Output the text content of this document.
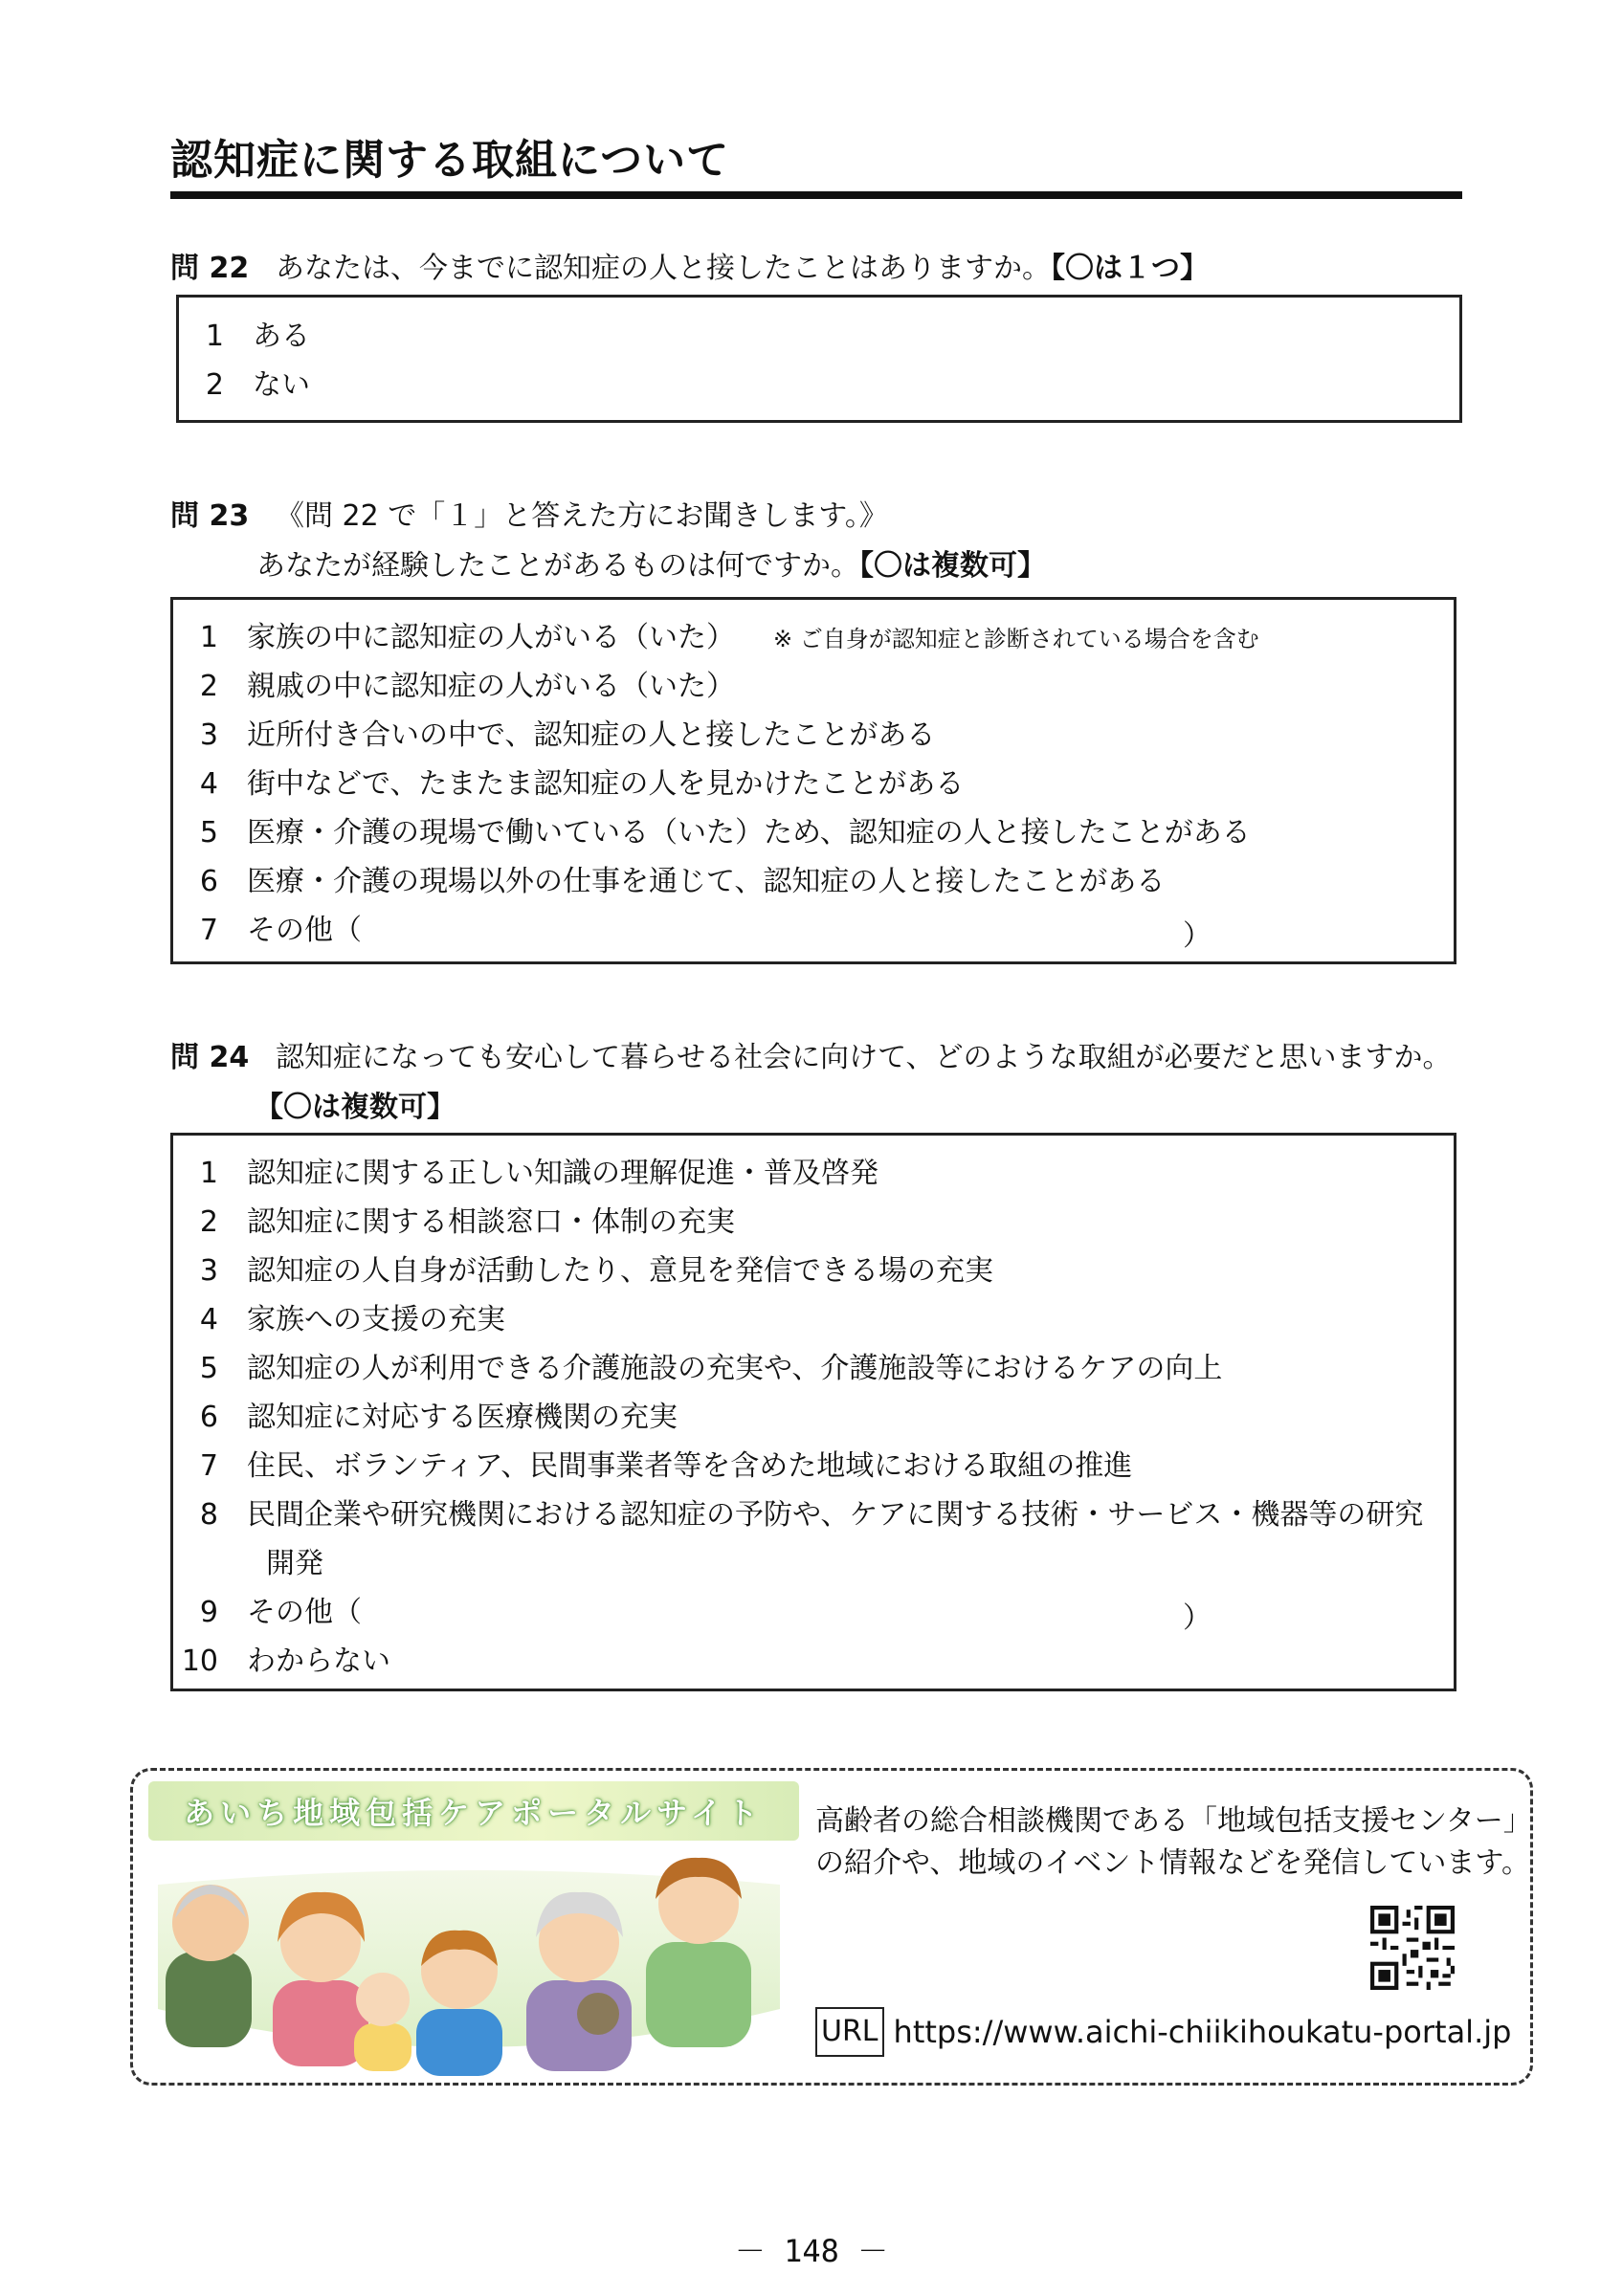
認知症に関する取組について
問 22 あなたは、今までに認知症の人と接したことはありますか。【〇は１つ】
1 ある
2 ない
問 23 《問 22 で「１」と答えた方にお聞きします。》
あなたが経験したことがあるものは何ですか。【〇は複数可】
1 家族の中に認知症の人がいる（いた） ※ ご自身が認知症と診断されている場合を含む
2 親戚の中に認知症の人がいる（いた）
3 近所付き合いの中で、認知症の人と接したことがある
4 街中などで、たまたま認知症の人を見かけたことがある
5 医療・介護の現場で働いている（いた）ため、認知症の人と接したことがある
6 医療・介護の現場以外の仕事を通じて、認知症の人と接したことがある
7 その他（	）
問 24 認知症になっても安心して暮らせる社会に向けて、どのような取組が必要だと思いますか。
【〇は複数可】
1 認知症に関する正しい知識の理解促進・普及啓発
2 認知症に関する相談窓口・体制の充実
3 認知症の人自身が活動したり、意見を発信できる場の充実
4 家族への支援の充実
5 認知症の人が利用できる介護施設の充実や、介護施設等におけるケアの向上
6 認知症に対応する医療機関の充実
7 住民、ボランティア、民間事業者等を含めた地域における取組の推進
8 民間企業や研究機関における認知症の予防や、ケアに関する技術・サービス・機器等の研究
開発
9 その他（	）
10 わからない
あいち地域包括ケアポータルサイト	高齢者の総合相談機関である「地域包括支援センター」
の紹介や、地域のイベント情報などを発信しています。
URL https://www.aichi-chiikihoukatu-portal.jp
－ 148 －
